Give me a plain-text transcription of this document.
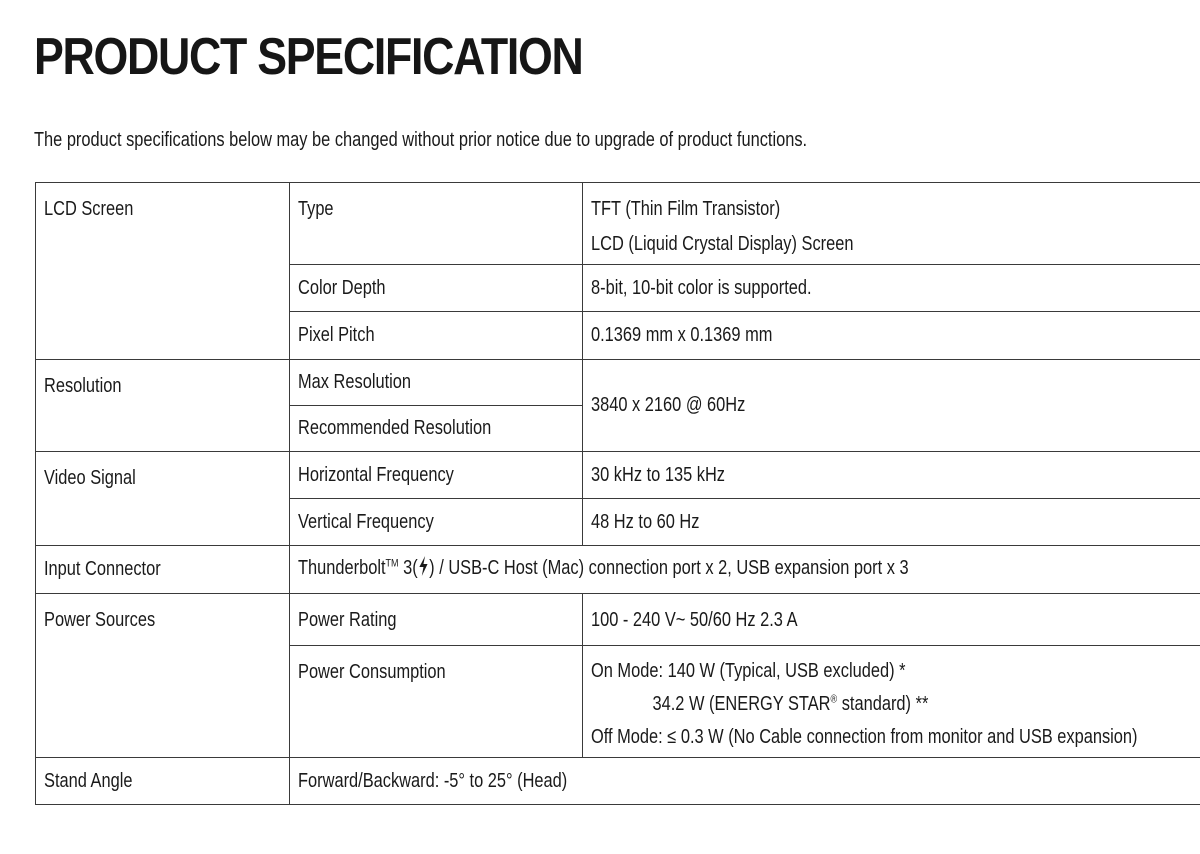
PRODUCT SPECIFICATION

The product specifications below may be changed without prior notice due to upgrade of product functions.

LCD Screen	Type	TFT (Thin Film Transistor)
LCD (Liquid Crystal Display) Screen
	Color Depth	8-bit, 10-bit color is supported.
	Pixel Pitch	0.1369 mm x 0.1369 mm
Resolution	Max Resolution	3840 x 2160 @ 60Hz
	Recommended Resolution	
Video Signal	Horizontal Frequency	30 kHz to 135 kHz
	Vertical Frequency	48 Hz to 60 Hz
Input Connector	Thunderbolt™ 3( ) / USB-C Host (Mac) connection port x 2, USB expansion port x 3	
Power Sources	Power Rating	100 - 240 V~ 50/60 Hz 2.3 A
	Power Consumption	On Mode: 140 W (Typical, USB excluded) *
34.2 W (ENERGY STAR® standard) **
Off Mode: ≤ 0.3 W (No Cable connection from monitor and USB expansion)
Stand Angle	Forward/Backward: -5° to 25° (Head)	
